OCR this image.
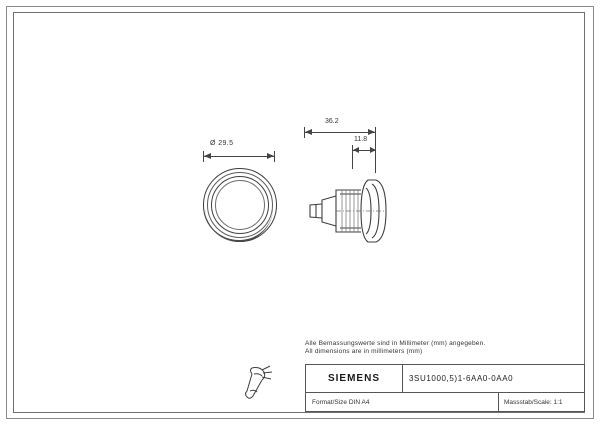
Ø 29.5
36.2
11.8
Alle Bemassungswerte sind in Millimeter (mm) angegeben.
All dimensions are in millimeters (mm)
SIEMENS	3SU1000,5)1-6AA0-0AA0
Format/Size DIN A4	Massstab/Scale: 1:1
